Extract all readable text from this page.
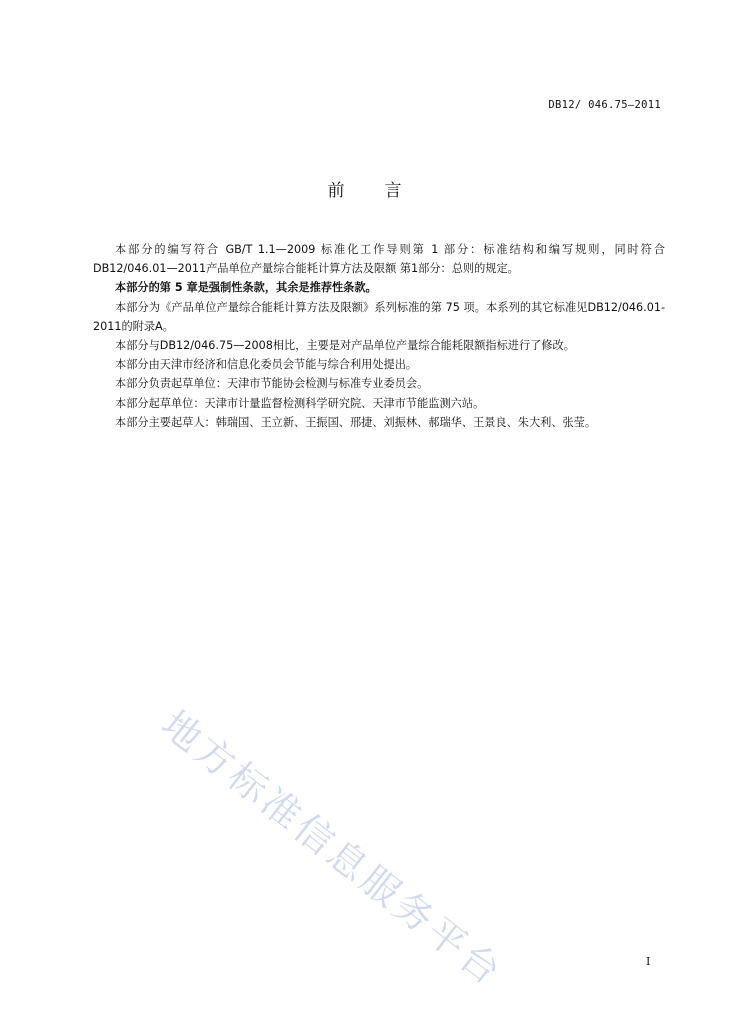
DB12/ 046.75—2011
前言

本部分的编写符合 GB/T 1.1—2009 标准化工作导则第 1 部分：标准结构和编写规则，同时符合DB12/046.01—2011产品单位产量综合能耗计算方法及限额 第1部分：总则的规定。

本部分的第 5 章是强制性条款，其余是推荐性条款。

本部分为《产品单位产量综合能耗计算方法及限额》系列标准的第 75 项。本系列的其它标准见DB12/046.01-2011的附录A。

本部分与DB12/046.75—2008相比，主要是对产品单位产量综合能耗限额指标进行了修改。

本部分由天津市经济和信息化委员会节能与综合利用处提出。

本部分负责起草单位：天津市节能协会检测与标准专业委员会。

本部分起草单位：天津市计量监督检测科学研究院、天津市节能监测六站。

本部分主要起草人：韩瑞国、王立新、王振国、邢捷、刘振林、郝瑞华、王景良、朱大利、张莹。

地方标准信息服务平台	I
